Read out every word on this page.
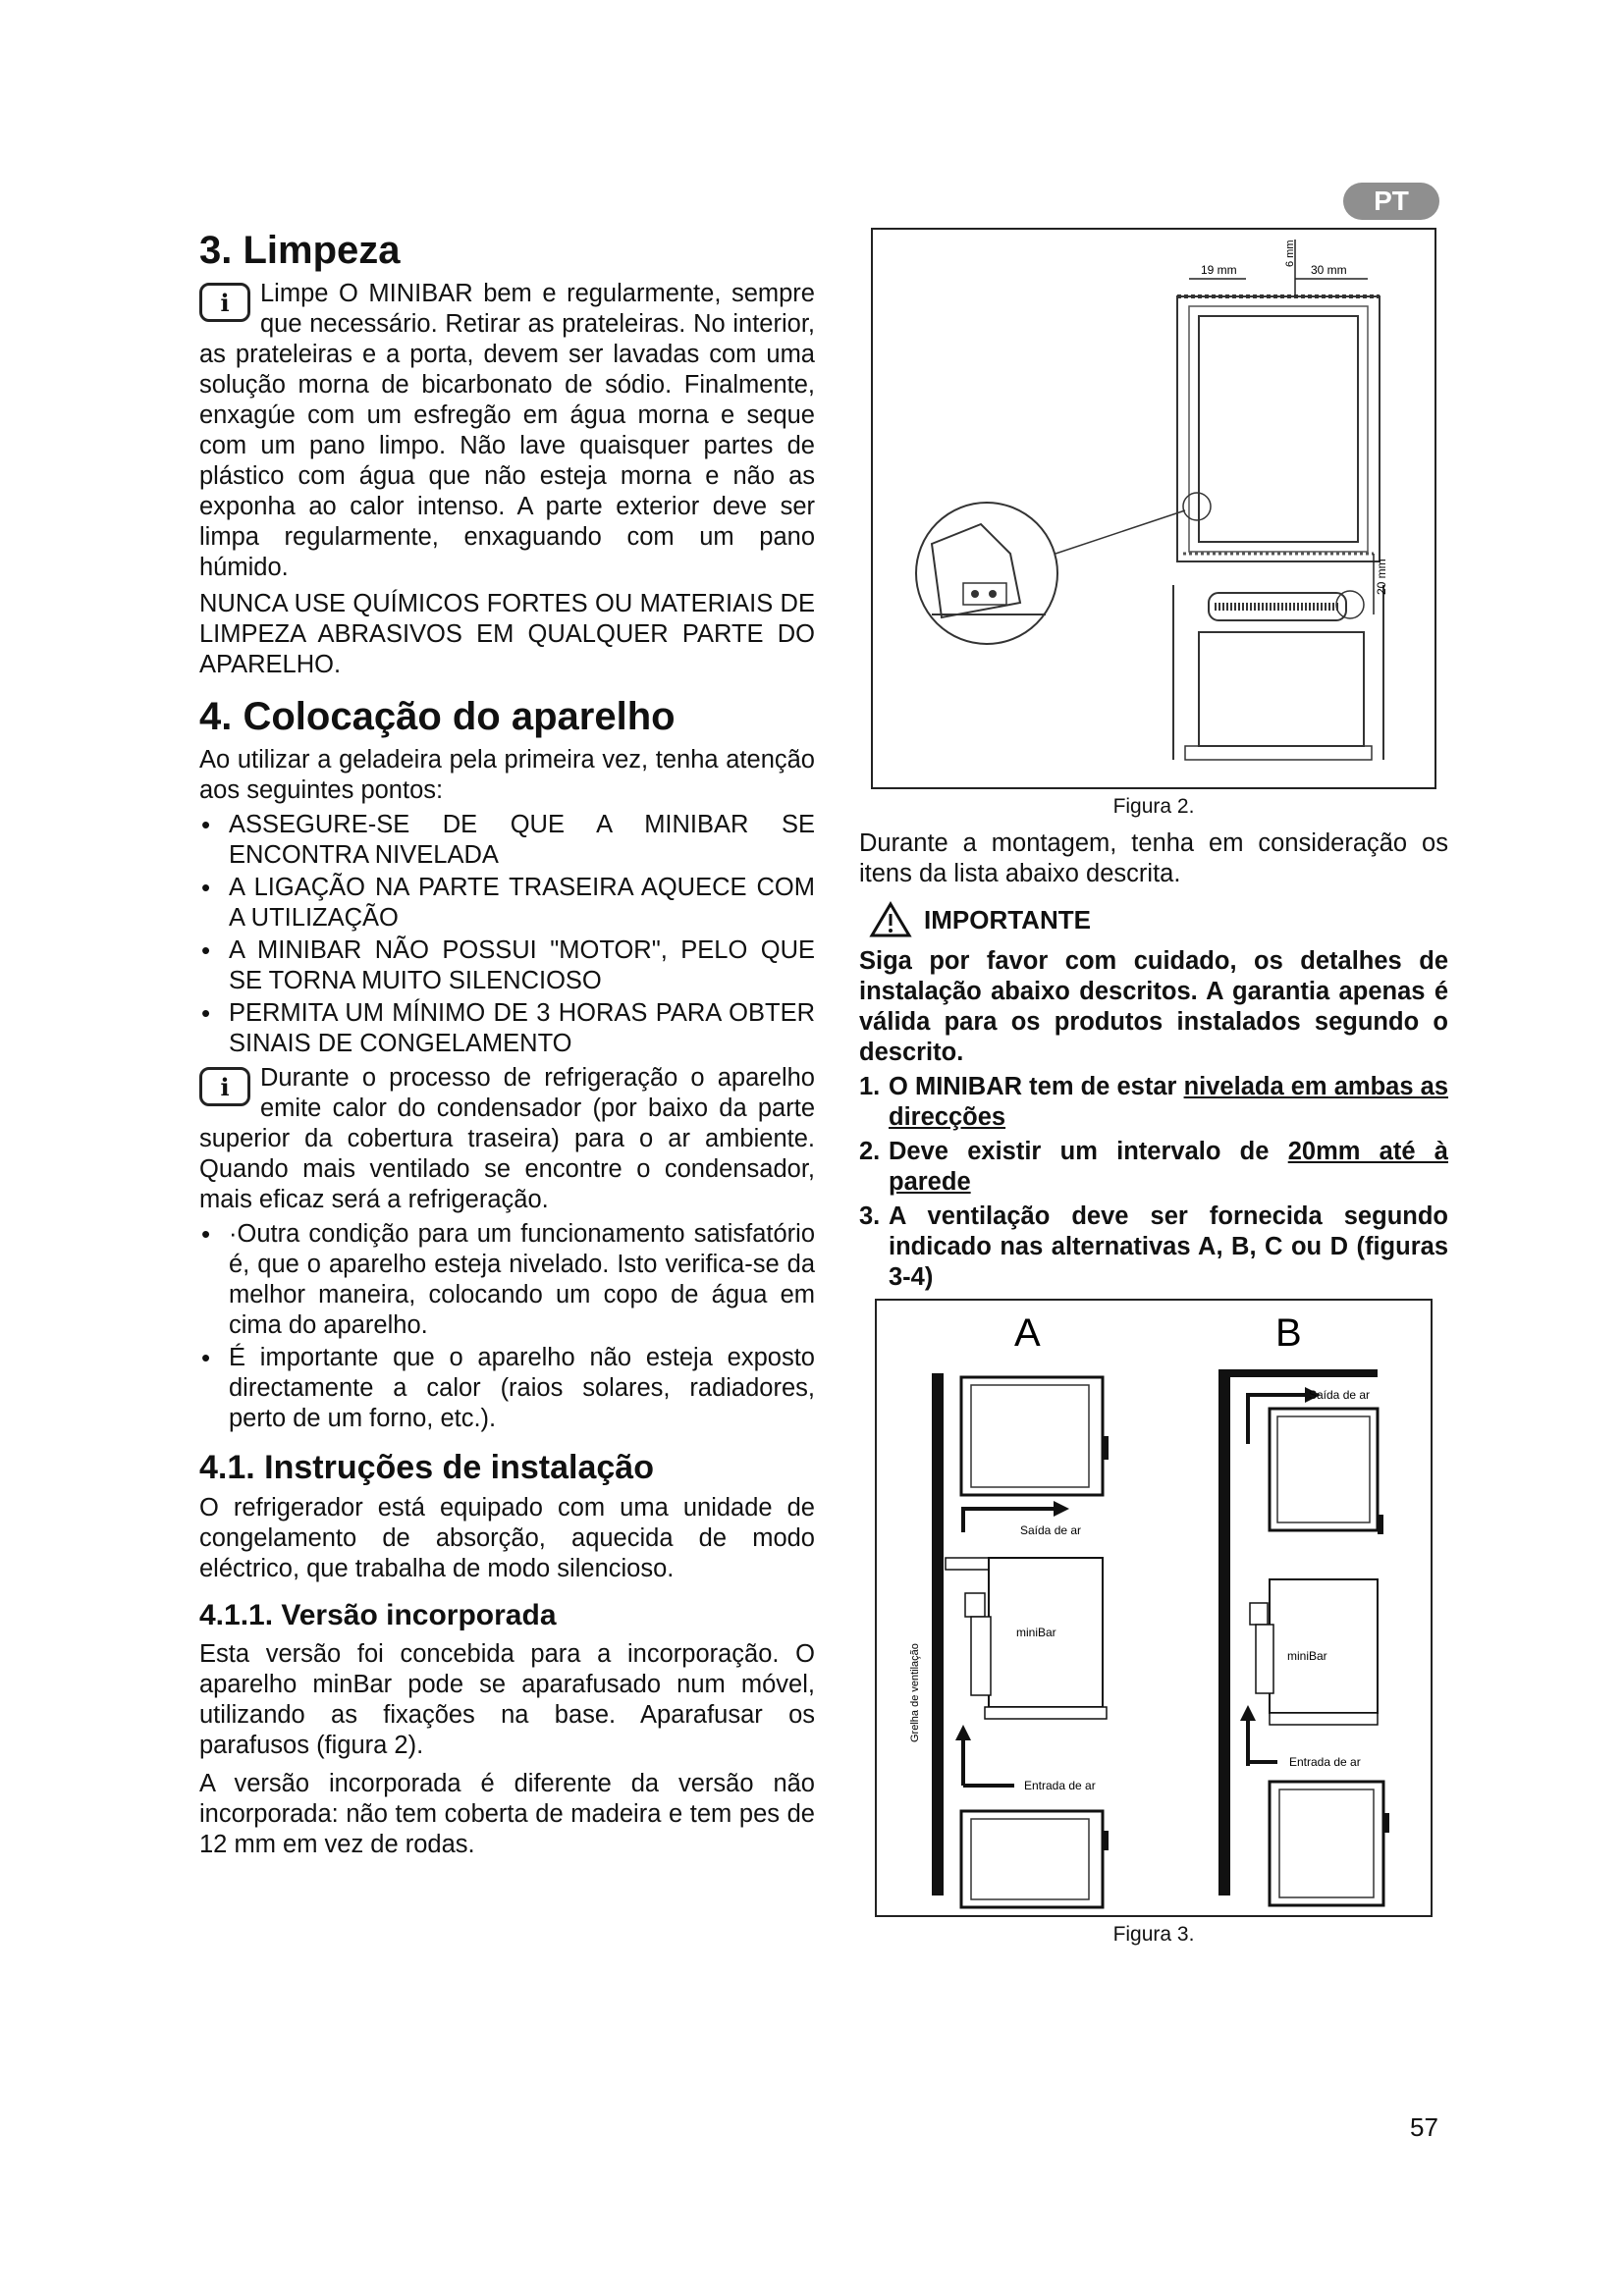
PT
3. Limpeza
i	Limpe O MINIBAR bem e regularmente, sempre que necessário. Retirar as prateleiras. No interior, as prateleiras e a porta, devem ser lavadas com uma solução morna de bicarbonato de sódio. Finalmente, enxagúe com um esfregão em água morna e seque com um pano limpo. Não lave quaisquer partes de plástico com água que não esteja morna e não as exponha ao calor intenso. A parte exterior deve ser limpa regularmente, enxaguando com um pano húmido.

NUNCA USE QUÍMICOS FORTES OU MATERIAIS DE LIMPEZA ABRASIVOS EM QUALQUER PARTE DO APARELHO.

4. Colocação do aparelho

Ao utilizar a geladeira pela primeira vez, tenha atenção aos seguintes pontos:

• ASSEGURE-SE DE QUE A MINIBAR SE ENCONTRA NIVELADA
• A LIGAÇÃO NA PARTE TRASEIRA AQUECE COM A UTILIZAÇÃO
• A MINIBAR NÃO POSSUI "MOTOR", PELO QUE SE TORNA MUITO SILENCIOSO
• PERMITA UM MÍNIMO DE 3 HORAS PARA OBTER SINAIS DE CONGELAMENTO
i	Durante o processo de refrigeração o aparelho emite calor do condensador (por baixo da parte superior da cobertura traseira) para o ar ambiente. Quando mais ventilado se encontre o condensador, mais eficaz será a refrigeração.

• ·Outra condição para um funcionamento satisfatório é, que o aparelho esteja nivelado. Isto verifica-se da melhor maneira, colocando um copo de água em cima do aparelho.
• É importante que o aparelho não esteja exposto directamente a calor (raios solares, radiadores, perto de um forno, etc.).
4.1. Instruções de instalação

O refrigerador está equipado com uma unidade de congelamento de absorção, aquecida de modo eléctrico, que trabalha de modo silencioso.

4.1.1. Versão incorporada

Esta versão foi concebida para a incorporação. O aparelho minBar pode se aparafusado num móvel, utilizando as fixações na base. Aparafusar os parafusos (figura 2).

A versão incorporada é diferente da versão não incorporada: não tem coberta de madeira e tem pes de 12 mm em vez de rodas.

19 mm	30 mm
6 mm
20 mm
Figura 2.

Durante a montagem, tenha em consideração os itens da lista abaixo descrita.

IMPORTANTE

Siga por favor com cuidado, os detalhes de instalação abaixo descritos. A garantia apenas é válida para os produtos instalados segundo o descrito.

1. O MINIBAR tem de estar nivelada em ambas as direcções
2. Deve existir um intervalo de 20mm até à parede
3. A ventilação deve ser fornecida segundo indicado nas alternativas A, B, C ou D (figuras 3-4)
A	B
Saída de ar
miniBar
Entrada de ar
Grelha de ventilação
Saída de ar
miniBar
Entrada de ar
Figura 3.
57
